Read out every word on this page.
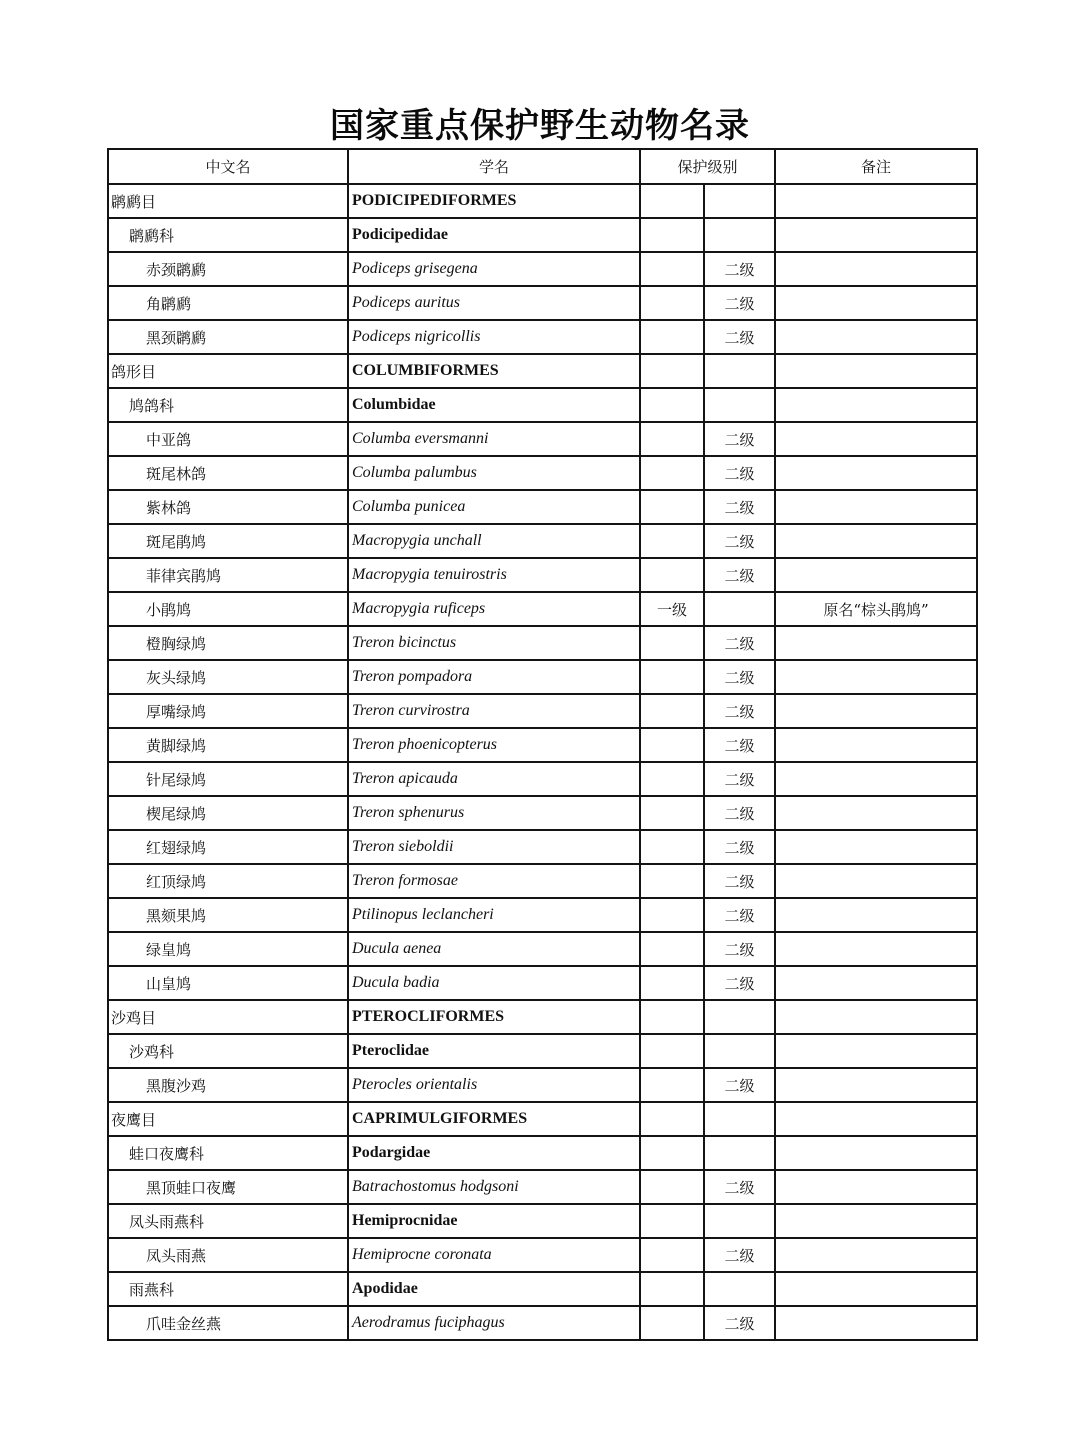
国家重点保护野生动物名录
中文名	学名	保护级别		备注
䴙䴘目	PODICIPEDIFORMES			
䴙䴘科	Podicipedidae			
赤颈䴙䴘	Podiceps grisegena		二级	
角䴙䴘	Podiceps auritus		二级	
黑颈䴙䴘	Podiceps nigricollis		二级	
鸽形目	COLUMBIFORMES			
鸠鸽科	Columbidae			
中亚鸽	Columba eversmanni		二级	
斑尾林鸽	Columba palumbus		二级	
紫林鸽	Columba punicea		二级	
斑尾鹃鸠	Macropygia unchall		二级	
菲律宾鹃鸠	Macropygia tenuirostris		二级	
小鹃鸠	Macropygia ruficeps	一级		原名“棕头鹃鸠”
橙胸绿鸠	Treron bicinctus		二级	
灰头绿鸠	Treron pompadora		二级	
厚嘴绿鸠	Treron curvirostra		二级	
黄脚绿鸠	Treron phoenicopterus		二级	
针尾绿鸠	Treron apicauda		二级	
楔尾绿鸠	Treron sphenurus		二级	
红翅绿鸠	Treron sieboldii		二级	
红顶绿鸠	Treron formosae		二级	
黑颏果鸠	Ptilinopus leclancheri		二级	
绿皇鸠	Ducula aenea		二级	
山皇鸠	Ducula badia		二级	
沙鸡目	PTEROCLIFORMES			
沙鸡科	Pteroclidae			
黑腹沙鸡	Pterocles orientalis		二级	
夜鹰目	CAPRIMULGIFORMES			
蛙口夜鹰科	Podargidae			
黑顶蛙口夜鹰	Batrachostomus hodgsoni		二级	
凤头雨燕科	Hemiprocnidae			
凤头雨燕	Hemiprocne coronata		二级	
雨燕科	Apodidae			
爪哇金丝燕	Aerodramus fuciphagus		二级	
